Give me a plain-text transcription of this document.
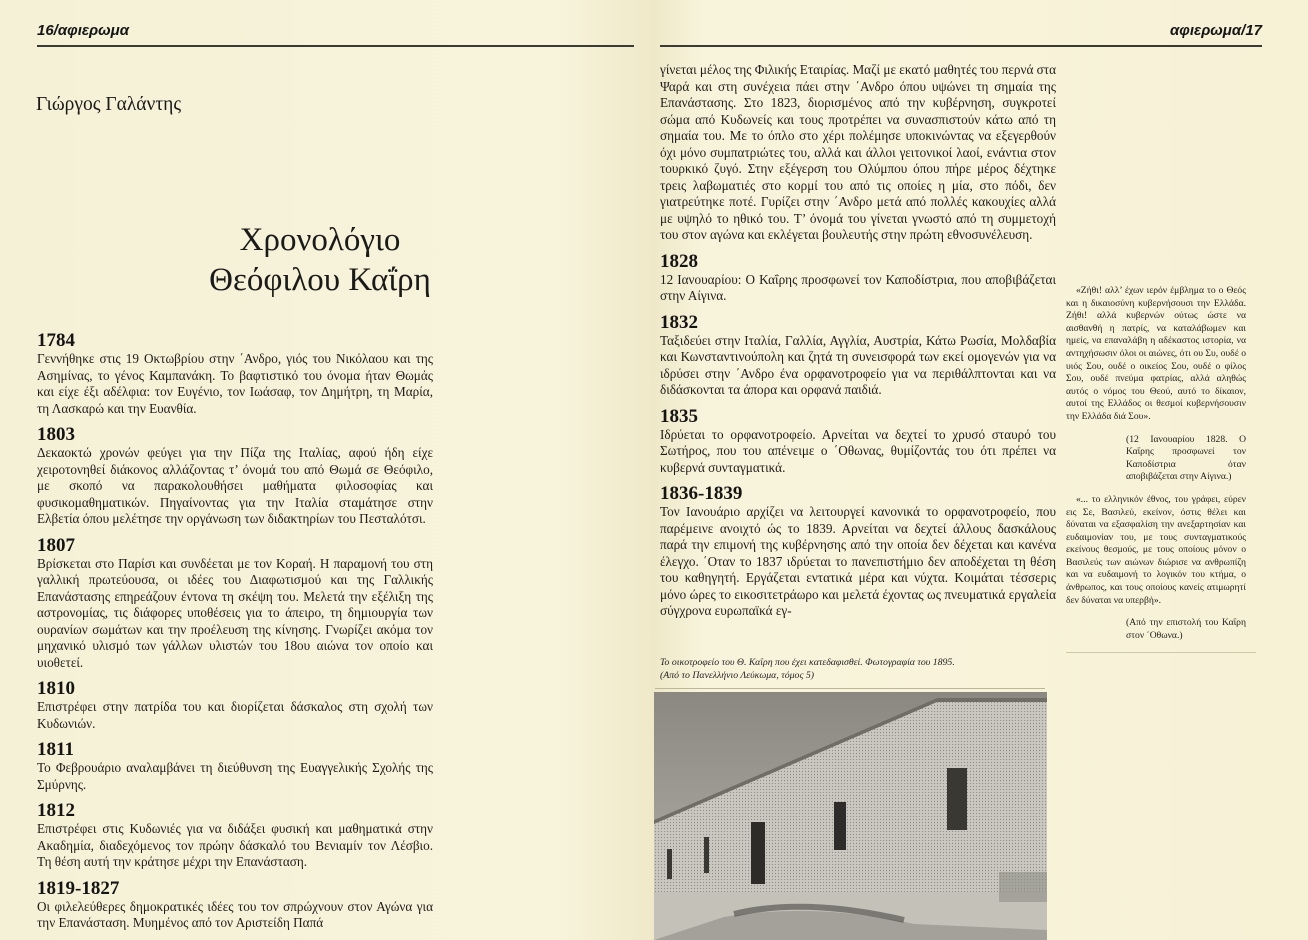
16/αφιερωμα
Γιώργος Γαλάντης
Χρονολόγιο
Θεόφιλου Καΐρη
1784
Γεννήθηκε στις 19 Οκτωβρίου στην ΄Ανδρο, γιός του Νικόλαου και της Ασημίνας, το γένος Καμπανάκη. Το βαφτιστικό του όνομα ήταν Θωμάς και είχε έξι αδέλφια: τον Ευγένιο, τον Ιωάσαφ, τον Δημήτρη, τη Μαρία, τη Λασκαρώ και την Ευανθία.
1803
Δεκαοκτώ χρονών φεύγει για την Πίζα της Ιταλίας, αφού ήδη είχε χειροτονηθεί διάκονος αλλάζοντας τ’ όνομά του από Θωμά σε Θεόφιλο, με σκοπό να παρακολουθήσει μαθήματα φιλοσοφίας και φυσικομαθηματικών. Πηγαίνοντας για την Ιταλία σταμάτησε στην Ελβετία όπου μελέτησε την οργάνωση των διδακτηρίων του Πεσταλότσι.
1807
Βρίσκεται στο Παρίσι και συνδέεται με τον Κοραή. Η παραμονή του στη γαλλική πρωτεύουσα, οι ιδέες του Διαφωτισμού και της Γαλλικής Επανάστασης επηρεάζουν έντονα τη σκέψη του. Μελετά την εξέλιξη της αστρονομίας, τις διάφορες υποθέσεις για το άπειρο, τη δημιουργία των ουρανίων σωμάτων και την προέλευση της κίνησης. Γνωρίζει ακόμα τον μηχανικό υλισμό των γάλλων υλιστών του 18ου αιώνα τον οποίο και υιοθετεί.
1810
Επιστρέφει στην πατρίδα του και διορίζεται δάσκαλος στη σχολή των Κυδωνιών.
1811
Το Φεβρουάριο αναλαμβάνει τη διεύθυνση της Ευαγγελικής Σχολής της Σμύρνης.
1812
Επιστρέφει στις Κυδωνιές για να διδάξει φυσική και μαθηματικά στην Ακαδημία, διαδεχόμενος τον πρώην δάσκαλό του Βενιαμίν τον Λέσβιο. Τη θέση αυτή την κράτησε μέχρι την Επανάσταση.
1819-1827
Οι φιλελεύθερες δημοκρατικές ιδέες του τον σπρώχνουν στον Αγώνα για την Επανάσταση. Μυημένος από τον Αριστείδη Παπά
αφιερωμα/17
γίνεται μέλος της Φιλικής Εταιρίας. Μαζί με εκατό μαθητές του περνά στα Ψαρά και στη συνέχεια πάει στην ΄Ανδρο όπου υψώνει τη σημαία της Επανάστασης. Στο 1823, διορισμένος από την κυβέρνηση, συγκροτεί σώμα από Κυδωνείς και τους προτρέπει να συνασπιστούν κάτω από τη σημαία του. Με το όπλο στο χέρι πολέμησε υποκινώντας να εξεγερθούν όχι μόνο συμπατριώτες του, αλλά και άλλοι γειτονικοί λαοί, ενάντια στον τουρκικό ζυγό. Στην εξέγερση του Ολύμπου όπου πήρε μέρος δέχτηκε τρεις λαβωματιές στο κορμί του από τις οποίες η μία, στο πόδι, δεν γιατρεύτηκε ποτέ. Γυρίζει στην ΄Ανδρο μετά από πολλές κακουχίες αλλά με υψηλό το ηθικό του. Τ’ όνομά του γίνεται γνωστό από τη συμμετοχή του στον αγώνα και εκλέγεται βουλευτής στην πρώτη εθνοσυνέλευση.
1828
12 Ιανουαρίου: Ο Καΐρης προσφωνεί τον Καποδίστρια, που αποβιβάζεται στην Αίγινα.
1832
Ταξιδεύει στην Ιταλία, Γαλλία, Αγγλία, Αυστρία, Κάτω Ρωσία, Μολδαβία και Κωνσταντινούπολη και ζητά τη συνεισφορά των εκεί ομογενών για να ιδρύσει στην ΄Ανδρο ένα ορφανοτροφείο για να περιθάλπτονται και να διδάσκονται τα άπορα και ορφανά παιδιά.
1835
Ιδρύεται το ορφανοτροφείο. Αρνείται να δεχτεί το χρυσό σταυρό του Σωτήρος, που του απένειμε ο ΄Οθωνας, θυμίζοντάς του ότι πρέπει να κυβερνά συνταγματικά.
1836-1839
Τον Ιανουάριο αρχίζει να λειτουργεί κανονικά το ορφανοτροφείο, που παρέμεινε ανοιχτό ώς το 1839. Αρνείται να δεχτεί άλλους δασκάλους παρά την επιμονή της κυβέρνησης από την οποία δεν δέχεται και κανένα έλεγχο. ΄Οταν το 1837 ιδρύεται το πανεπιστήμιο δεν αποδέχεται τη θέση του καθηγητή. Εργάζεται εντατικά μέρα και νύχτα. Κοιμάται τέσσερις μόνο ώρες το εικοσιτετράωρο και μελετά έχοντας ως πνευματικά εργαλεία σύγχρονα ευρωπαϊκά εγ-

«Ζήθι! αλλ’ έχων ιερόν έμβλημα το ο Θεός και η δικαιοσύνη κυβερνήσουσι την Ελλάδα. Ζήθι! αλλά κυβερνών ούτως ώστε να αισθανθή η πατρίς, να καταλάβωμεν και ημείς, να επαναλάβη η αδέκαστος ιστορία, να αντηχήσωσιν όλοι οι αιώνες, ότι ου Συ, ουδέ ο υιός Σου, ουδέ ο οικείος Σου, ουδέ ο φίλος Σου, ουδέ πνεύμα φατρίας, αλλά αληθώς αυτός ο νόμος του Θεού, αυτό το δίκαιον, αυτοί της Ελλάδος οι θεσμοί κυβερνήσουσιν την Ελλάδα διά Σου».

(12 Ιανουαρίου 1828. Ο Καΐρης προσφωνεί τον Καποδίστρια όταν αποβιβάζεται στην Αίγινα.)

«... το ελληνικόν έθνος, του γράφει, εύρεν εις Σε, Βασιλεύ, εκείνον, όστις θέλει και δύναται να εξασφαλίση την ανεξαρτησίαν και ευδαιμονίαν του, με τους συνταγματικούς εκείνους θεσμούς, με τους οποίους μόνον ο Βασιλεύς των αιώνων διώρισε να ανθρωπίζη και να ευδαιμονή το λογικόν του κτήμα, ο άνθρωπος, και τους οποίους κανείς ατιμωρητί δεν δύναται να υπερβή».

(Από την επιστολή του Καΐρη στον ΄Οθωνα.)

Το οικοτροφείο του Θ. Καΐρη που έχει κατεδαφισθεί. Φωτογραφία του 1895. (Από το Πανελλήνιο Λεύκωμα, τόμος 5)
